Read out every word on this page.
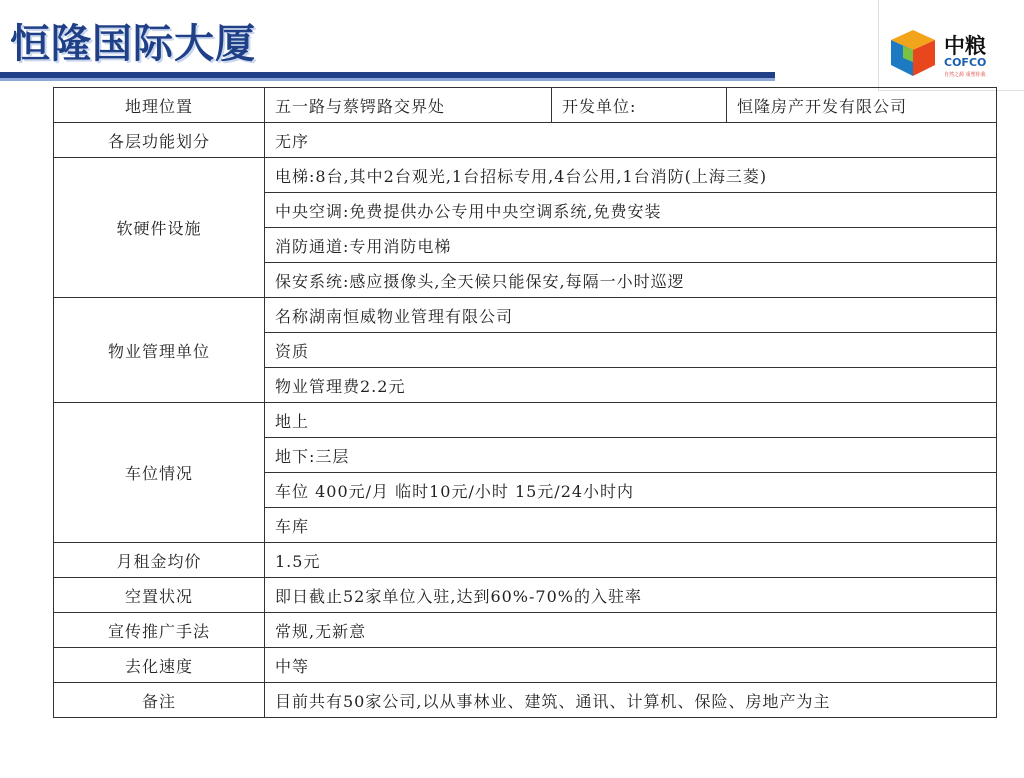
恒隆国际大厦	中粮
COFCO
自然之源 重塑你我
地理位置	五一路与蔡锷路交界处	开发单位:	恒隆房产开发有限公司
各层功能划分	无序		
软硬件设施	电梯:8台,其中2台观光,1台招标专用,4台公用,1台消防(上海三菱)		
	中央空调:免费提供办公专用中央空调系统,免费安装		
	消防通道:专用消防电梯		
	保安系统:感应摄像头,全天候只能保安,每隔一小时巡逻		
物业管理单位	名称湖南恒威物业管理有限公司		
	资质		
	物业管理费2.2元		
车位情况	地上		
	地下:三层		
	车位 400元/月 临时10元/小时 15元/24小时内		
	车库		
月租金均价	1.5元		
空置状况	即日截止52家单位入驻,达到60%-70%的入驻率		
宣传推广手法	常规,无新意		
去化速度	中等		
备注	目前共有50家公司,以从事林业、建筑、通讯、计算机、保险、房地产为主		
